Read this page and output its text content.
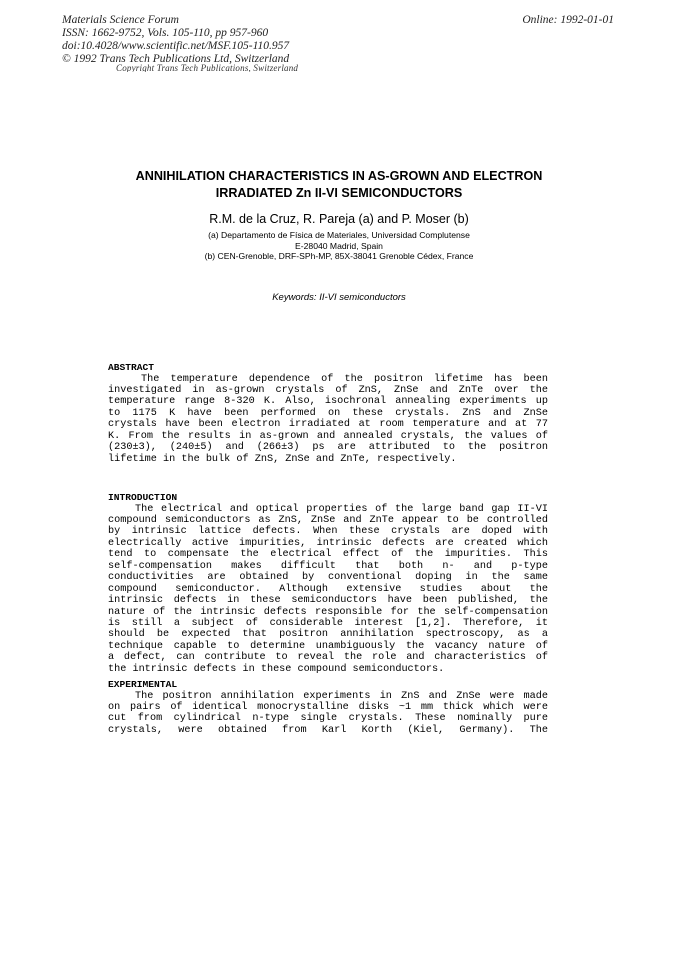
Materials Science Forum
ISSN: 1662-9752, Vols. 105-110, pp 957-960
doi:10.4028/www.scientific.net/MSF.105-110.957
© 1992 Trans Tech Publications Ltd, Switzerland
Online: 1992-01-01
Copyright Trans Tech Publications, Switzerland
ANNIHILATION CHARACTERISTICS IN AS-GROWN AND ELECTRON
IRRADIATED Zn II-VI SEMICONDUCTORS
R.M. de la Cruz, R. Pareja (a) and P. Moser (b)
(a) Departamento de Física de Materiales, Universidad Complutense
E-28040 Madrid, Spain
(b) CEN-Grenoble, DRF-SPh-MP, 85X-38041 Grenoble Cédex, France
Keywords: II-VI semiconductors
ABSTRACT
The temperature dependence of the positron lifetime has been
investigated in as-grown crystals of ZnS, ZnSe and ZnTe over the
temperature range 8-320 K. Also, isochronal annealing experiments up
to 1175 K have been performed on these crystals. ZnS and ZnSe
crystals have been electron irradiated at room temperature and at 77
K. From the results in as-grown and annealed crystals, the values of
(230±3), (240±5) and (266±3) ps are attributed to the positron
lifetime in the bulk of ZnS, ZnSe and ZnTe, respectively.
INTRODUCTION
The electrical and optical properties of the large band gap II-VI
compound semiconductors as ZnS, ZnSe and ZnTe appear to be controlled
by intrinsic lattice defects. When these crystals are doped with
electrically active impurities, intrinsic defects are created which
tend to compensate the electrical effect of the impurities. This
self-compensation makes difficult that both n- and p-type
conductivities are obtained by conventional doping in the same
compound semiconductor. Although extensive studies about the
intrinsic defects in these semiconductors have been published, the
nature of the intrinsic defects responsible for the self-compensation
is still a subject of considerable interest [1,2]. Therefore, it
should be expected that positron annihilation spectroscopy, as a
technique capable to determine unambiguously the vacancy nature of
a defect, can contribute to reveal the role and characteristics of
the intrinsic defects in these compound semiconductors.
EXPERIMENTAL
The positron annihilation experiments in ZnS and ZnSe were made
on pairs of identical monocrystalline disks ~1 mm thick which were
cut from cylindrical n-type single crystals. These nominally pure
crystals, were obtained from Karl Korth (Kiel, Germany). The
